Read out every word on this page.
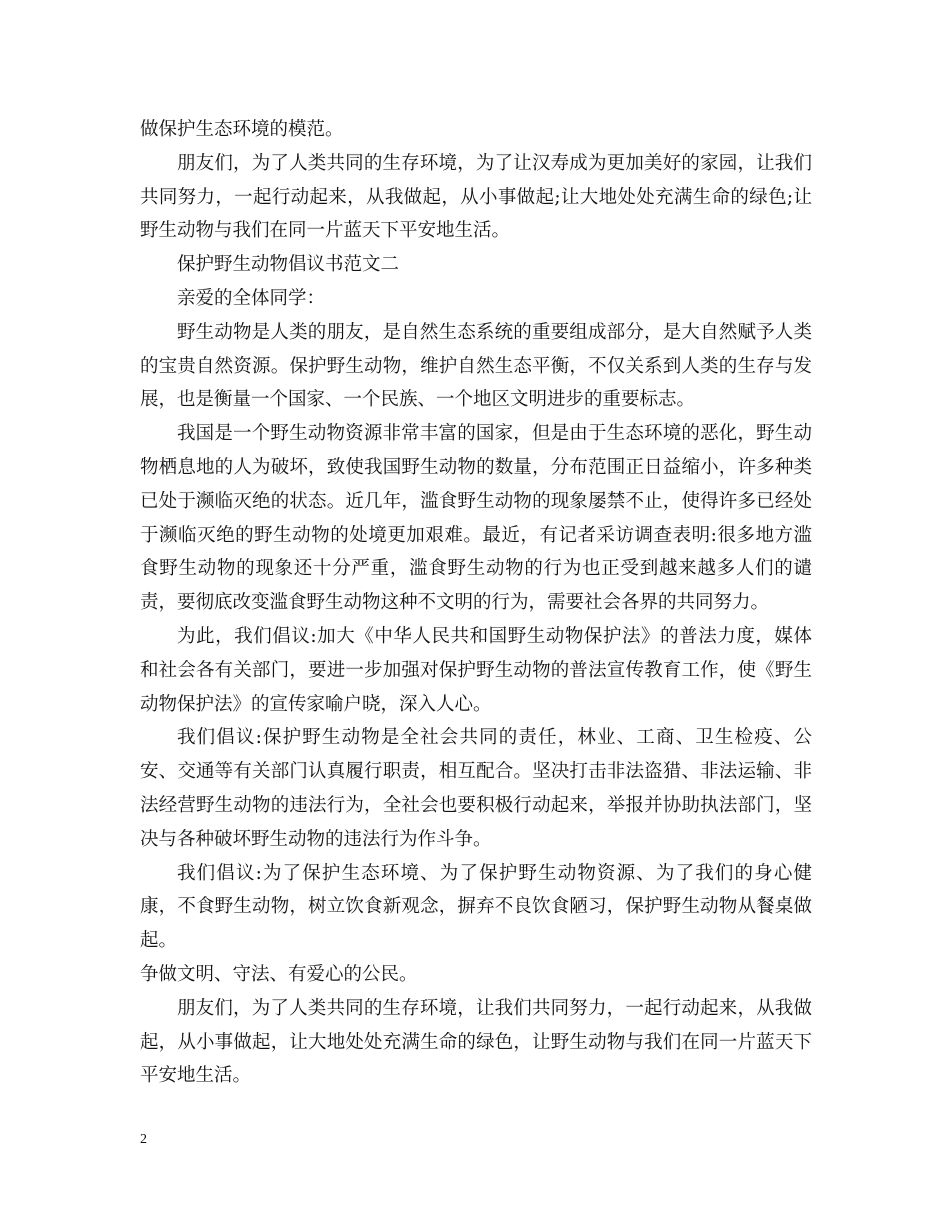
做保护生态环境的模范。

朋友们，为了人类共同的生存环境，为了让汉寿成为更加美好的家园，让我们共同努力，一起行动起来，从我做起，从小事做起;让大地处处充满生命的绿色;让野生动物与我们在同一片蓝天下平安地生活。

保护野生动物倡议书范文二

亲爱的全体同学：

野生动物是人类的朋友，是自然生态系统的重要组成部分，是大自然赋予人类的宝贵自然资源。保护野生动物，维护自然生态平衡，不仅关系到人类的生存与发展，也是衡量一个国家、一个民族、一个地区文明进步的重要标志。

我国是一个野生动物资源非常丰富的国家，但是由于生态环境的恶化，野生动物栖息地的人为破坏，致使我国野生动物的数量，分布范围正日益缩小，许多种类已处于濒临灭绝的状态。近几年，滥食野生动物的现象屡禁不止，使得许多已经处于濒临灭绝的野生动物的处境更加艰难。最近，有记者采访调查表明:很多地方滥食野生动物的现象还十分严重，滥食野生动物的行为也正受到越来越多人们的谴责，要彻底改变滥食野生动物这种不文明的行为，需要社会各界的共同努力。

为此，我们倡议:加大《中华人民共和国野生动物保护法》的普法力度，媒体和社会各有关部门，要进一步加强对保护野生动物的普法宣传教育工作，使《野生动物保护法》的宣传家喻户晓，深入人心。

我们倡议:保护野生动物是全社会共同的责任，林业、工商、卫生检疫、公安、交通等有关部门认真履行职责，相互配合。坚决打击非法盗猎、非法运输、非法经营野生动物的违法行为，全社会也要积极行动起来，举报并协助执法部门，坚决与各种破坏野生动物的违法行为作斗争。

我们倡议:为了保护生态环境、为了保护野生动物资源、为了我们的身心健康，不食野生动物，树立饮食新观念，摒弃不良饮食陋习，保护野生动物从餐桌做起。

争做文明、守法、有爱心的公民。

朋友们，为了人类共同的生存环境，让我们共同努力，一起行动起来，从我做起，从小事做起，让大地处处充满生命的绿色，让野生动物与我们在同一片蓝天下平安地生活。

2
